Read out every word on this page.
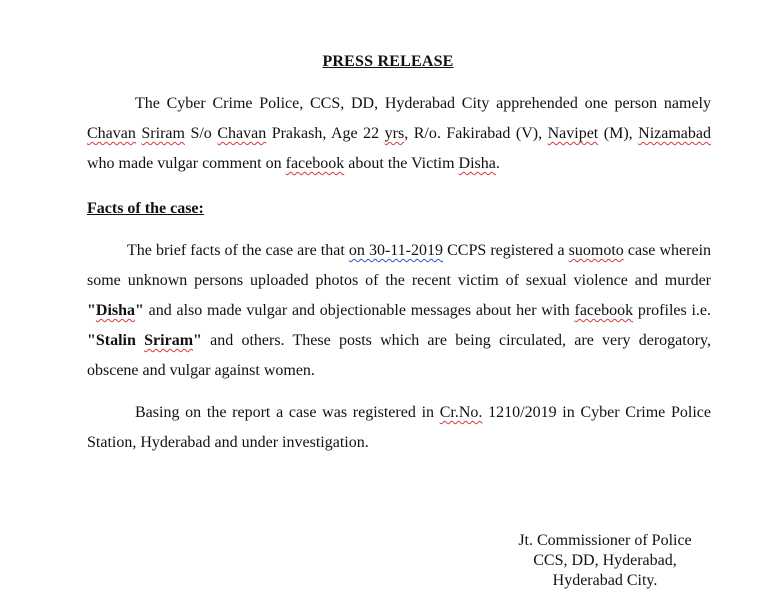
PRESS RELEASE

The Cyber Crime Police, CCS, DD, Hyderabad City apprehended one person namely Chavan Sriram S/o Chavan Prakash, Age 22 yrs, R/o. Fakirabad (V), Navipet (M), Nizamabad who made vulgar comment on facebook about the Victim Disha.

Facts of the case:

The brief facts of the case are that on 30-11-2019 CCPS registered a suomoto case wherein some unknown persons uploaded photos of the recent victim of sexual violence and murder "Disha" and also made vulgar and objectionable messages about her with facebook profiles i.e. "Stalin Sriram" and others. These posts which are being circulated, are very derogatory, obscene and vulgar against women.

Basing on the report a case was registered in Cr.No. 1210/2019 in Cyber Crime Police Station, Hyderabad and under investigation.

Jt. Commissioner of Police
CCS, DD, Hyderabad,
Hyderabad City.
